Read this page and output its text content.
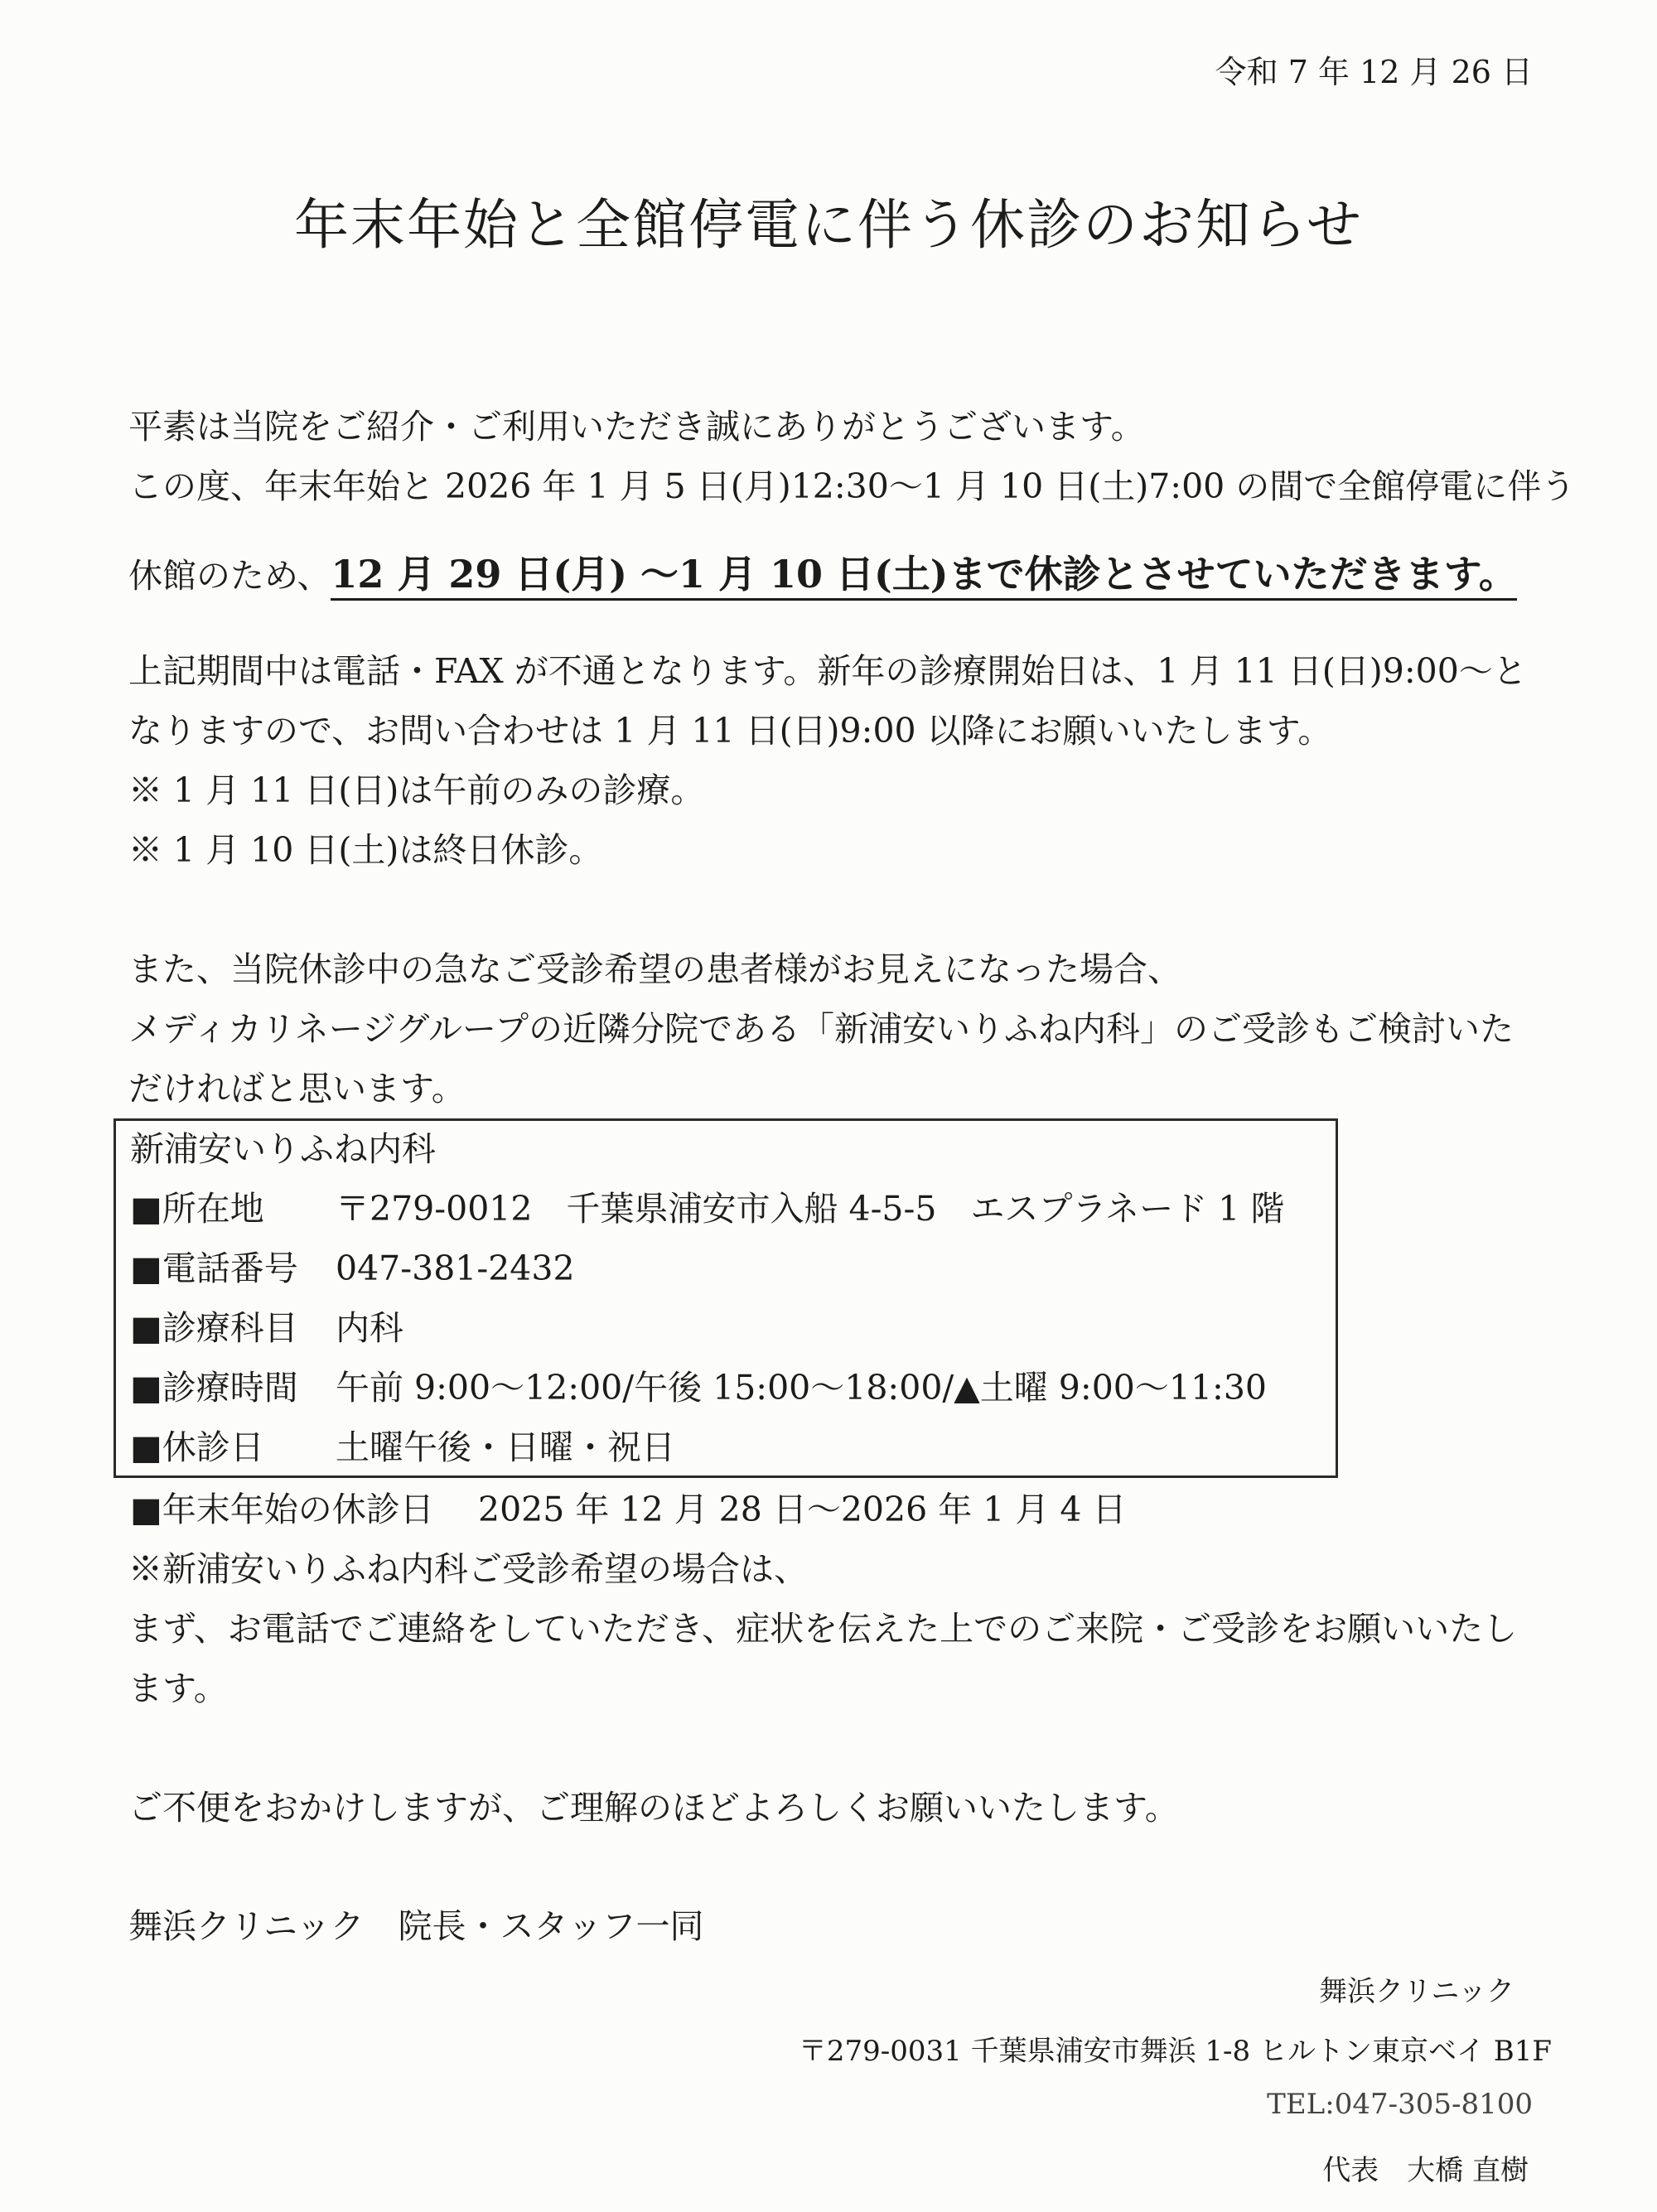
令和 7 年 12 月 26 日
年末年始と全館停電に伴う休診のお知らせ
平素は当院をご紹介・ご利用いただき誠にありがとうございます。
この度、年末年始と 2026 年 1 月 5 日(月)12:30～1 月 10 日(土)7:00 の間で全館停電に伴う
休館のため、12 月 29 日(月) ～1 月 10 日(土)まで休診とさせていただきます。
上記期間中は電話・FAX が不通となります。新年の診療開始日は、1 月 11 日(日)9:00～と
なりますので、お問い合わせは 1 月 11 日(日)9:00 以降にお願いいたします。
※ 1 月 11 日(日)は午前のみの診療。
※ 1 月 10 日(土)は終日休診。
また、当院休診中の急なご受診希望の患者様がお見えになった場合、
メディカリネージグループの近隣分院である「新浦安いりふね内科」のご受診もご検討いた
だければと思います。
新浦安いりふね内科
■所在地 〒279-0012　千葉県浦安市入船 4-5-5　エスプラネード 1 階
■電話番号 047-381-2432
■診療科目 内科
■診療時間 午前 9:00～12:00/午後 15:00～18:00/▲土曜 9:00～11:30
■休診日 土曜午後・日曜・祝日
■年末年始の休診日 2025 年 12 月 28 日～2026 年 1 月 4 日
※新浦安いりふね内科ご受診希望の場合は、
まず、お電話でご連絡をしていただき、症状を伝えた上でのご来院・ご受診をお願いいたし
ます。
ご不便をおかけしますが、ご理解のほどよろしくお願いいたします。
舞浜クリニック　院長・スタッフ一同
舞浜クリニック
〒279-0031 千葉県浦安市舞浜 1-8 ヒルトン東京ベイ B1F
TEL:047-305-8100
代表　大橋 直樹
